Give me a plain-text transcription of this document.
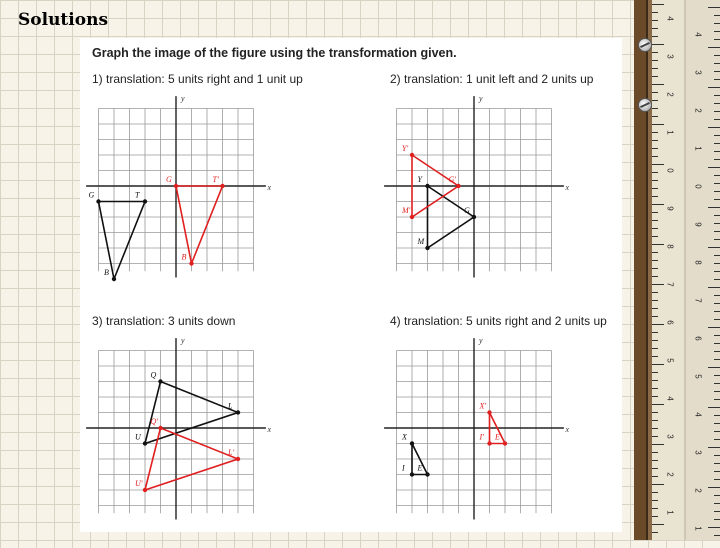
Solutions
Graph the image of the figure using the transformation given.
1) translation: 5 units right and 1 unit up	2) translation: 1 unit left and 2 units up
3) translation: 3 units down	4) translation: 5 units right and 2 units up
x
y
G	T
B
G	T'
B
x
y
Y
G
M
Y'
G'
M'
x
y
Q
L
U
Q'
L'
U'
x
y
X
I E
X'
I' E'
4
4
3
3
2
2
1
1
0
0
9
9
8
8
7
7
6
6
5
5
4
4
3
3
2
2
1
1
